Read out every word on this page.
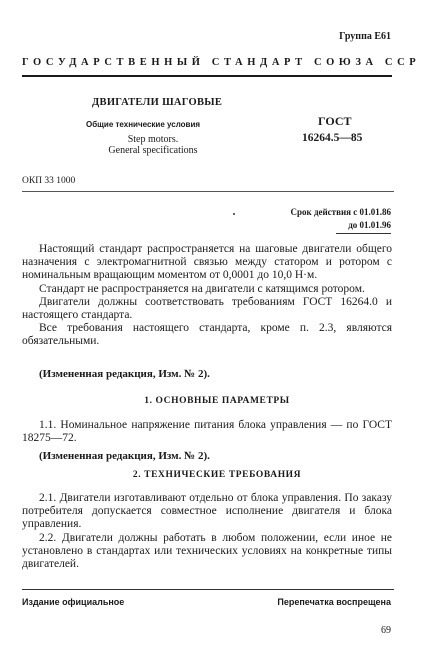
Группа Е61
ГОСУДАРСТВЕННЫЙ СТАНДАРТ СОЮЗА ССР
ДВИГАТЕЛИ ШАГОВЫЕ
Общие технические условия
Step motors.
General specifications
ГОСТ
16264.5—85
ОКП 33 1000
Срок действия с 01.01.86
до 01.01.96

Настоящий стандарт распространяется на шаговые двигатели общего назначения с электромагнитной связью между статором и ротором с номинальным вращающим моментом от 0,0001 до 10,0 Н·м.

Стандарт не распространяется на двигатели с катящимся ротором.

Двигатели должны соответствовать требованиям ГОСТ 16264.0 и настоящего стандарта.

Все требования настоящего стандарта, кроме п. 2.3, являются обязательными.

(Измененная редакция, Изм. № 2).
1. ОСНОВНЫЕ ПАРАМЕТРЫ

1.1. Номинальное напряжение питания блока управления — по ГОСТ 18275—72.

(Измененная редакция, Изм. № 2).
2. ТЕХНИЧЕСКИЕ ТРЕБОВАНИЯ

2.1. Двигатели изготавливают отдельно от блока управления. По заказу потребителя допускается совместное исполнение двигателя и блока управления.

2.2. Двигатели должны работать в любом положении, если иное не установлено в стандартах или технических условиях на конкретные типы двигателей.

Издание официальное	Перепечатка воспрещена
69
